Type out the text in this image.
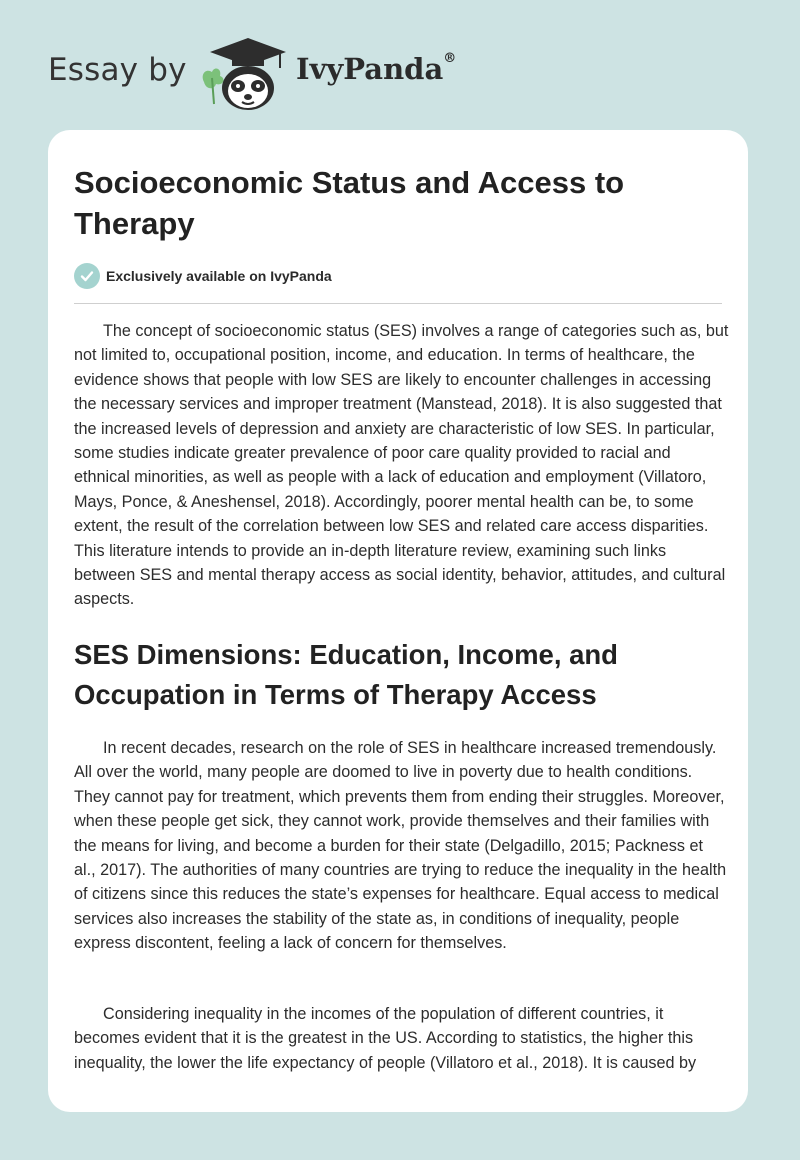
Essay by	IvyPanda®
Socioeconomic Status and Access to Therapy
Exclusively available on IvyPanda

The concept of socioeconomic status (SES) involves a range of categories such as, but not limited to, occupational position, income, and education. In terms of healthcare, the evidence shows that people with low SES are likely to encounter challenges in accessing the necessary services and improper treatment (Manstead, 2018). It is also suggested that the increased levels of depression and anxiety are characteristic of low SES. In particular, some studies indicate greater prevalence of poor care quality provided to racial and ethnical minorities, as well as people with a lack of education and employment (Villatoro, Mays, Ponce, & Aneshensel, 2018). Accordingly, poorer mental health can be, to some extent, the result of the correlation between low SES and related care access disparities. This literature intends to provide an in-depth literature review, examining such links between SES and mental therapy access as social identity, behavior, attitudes, and cultural aspects.

SES Dimensions: Education, Income, and Occupation in Terms of Therapy Access

In recent decades, research on the role of SES in healthcare increased tremendously. All over the world, many people are doomed to live in poverty due to health conditions. They cannot pay for treatment, which prevents them from ending their struggles. Moreover, when these people get sick, they cannot work, provide themselves and their families with the means for living, and become a burden for their state (Delgadillo, 2015; Packness et al., 2017). The authorities of many countries are trying to reduce the inequality in the health of citizens since this reduces the state’s expenses for healthcare. Equal access to medical services also increases the stability of the state as, in conditions of inequality, people express discontent, feeling a lack of concern for themselves.

Considering inequality in the incomes of the population of different countries, it becomes evident that it is the greatest in the US. According to statistics, the higher this inequality, the lower the life expectancy of people (Villatoro et al., 2018). It is caused by
